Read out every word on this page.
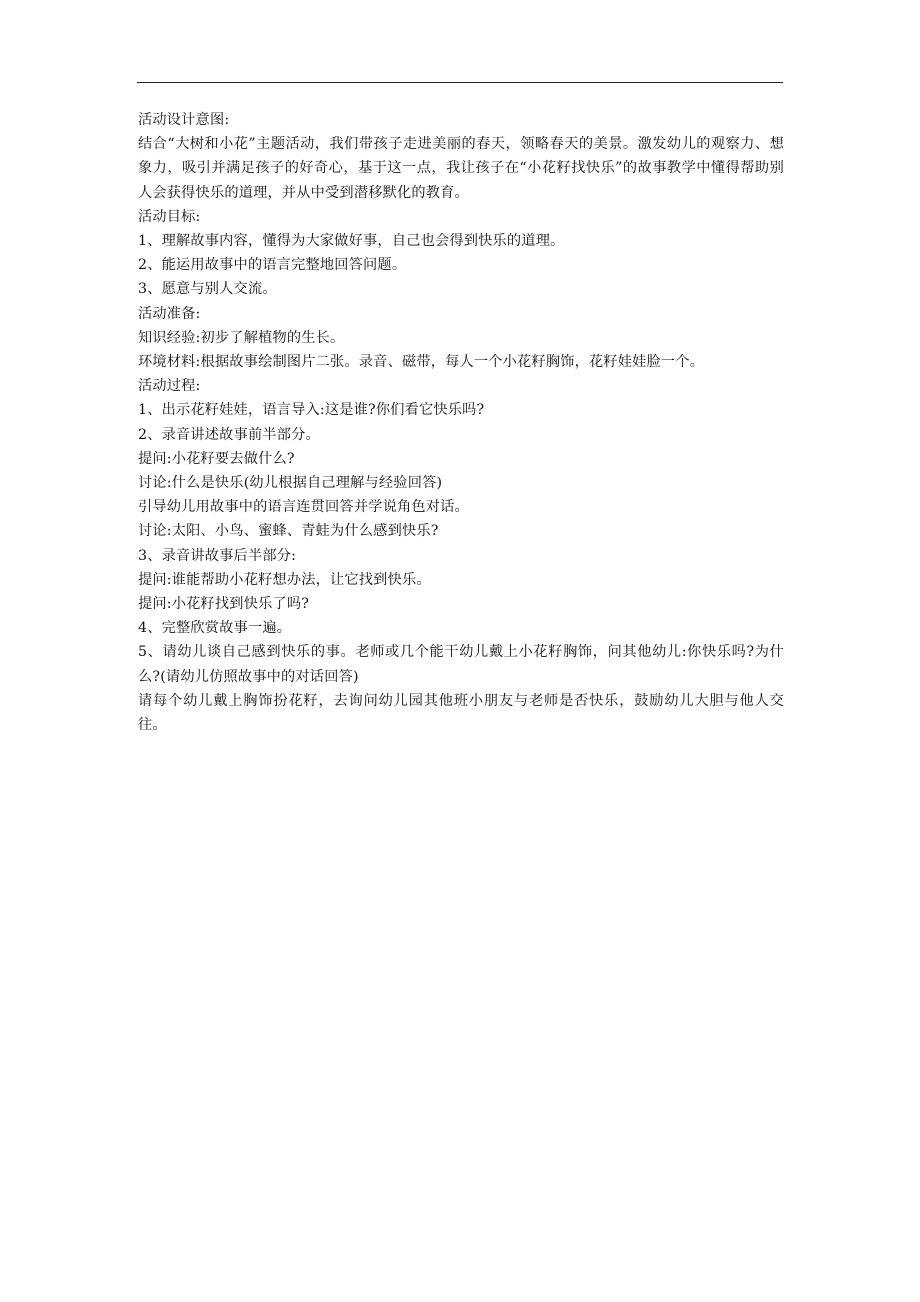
活动设计意图:
结合“大树和小花”主题活动，我们带孩子走进美丽的春天，领略春天的美景。激发幼儿的观察力、想象力，吸引并满足孩子的好奇心，基于这一点，我让孩子在“小花籽找快乐”的故事教学中懂得帮助别人会获得快乐的道理，并从中受到潜移默化的教育。
活动目标:
1、理解故事内容，懂得为大家做好事，自己也会得到快乐的道理。
2、能运用故事中的语言完整地回答问题。
3、愿意与别人交流。
活动准备:
知识经验:初步了解植物的生长。
环境材料:根据故事绘制图片二张。录音、磁带，每人一个小花籽胸饰，花籽娃娃脸一个。
活动过程:
1、出示花籽娃娃，语言导入:这是谁?你们看它快乐吗?
2、录音讲述故事前半部分。
提问:小花籽要去做什么?
讨论:什么是快乐(幼儿根据自己理解与经验回答)
引导幼儿用故事中的语言连贯回答并学说角色对话。
讨论:太阳、小鸟、蜜蜂、青蛙为什么感到快乐?
3、录音讲故事后半部分:
提问:谁能帮助小花籽想办法，让它找到快乐。
提问:小花籽找到快乐了吗?
4、完整欣赏故事一遍。
5、请幼儿谈自己感到快乐的事。老师或几个能干幼儿戴上小花籽胸饰，问其他幼儿:你快乐吗?为什么?(请幼儿仿照故事中的对话回答)
请每个幼儿戴上胸饰扮花籽，去询问幼儿园其他班小朋友与老师是否快乐，鼓励幼儿大胆与他人交往。
